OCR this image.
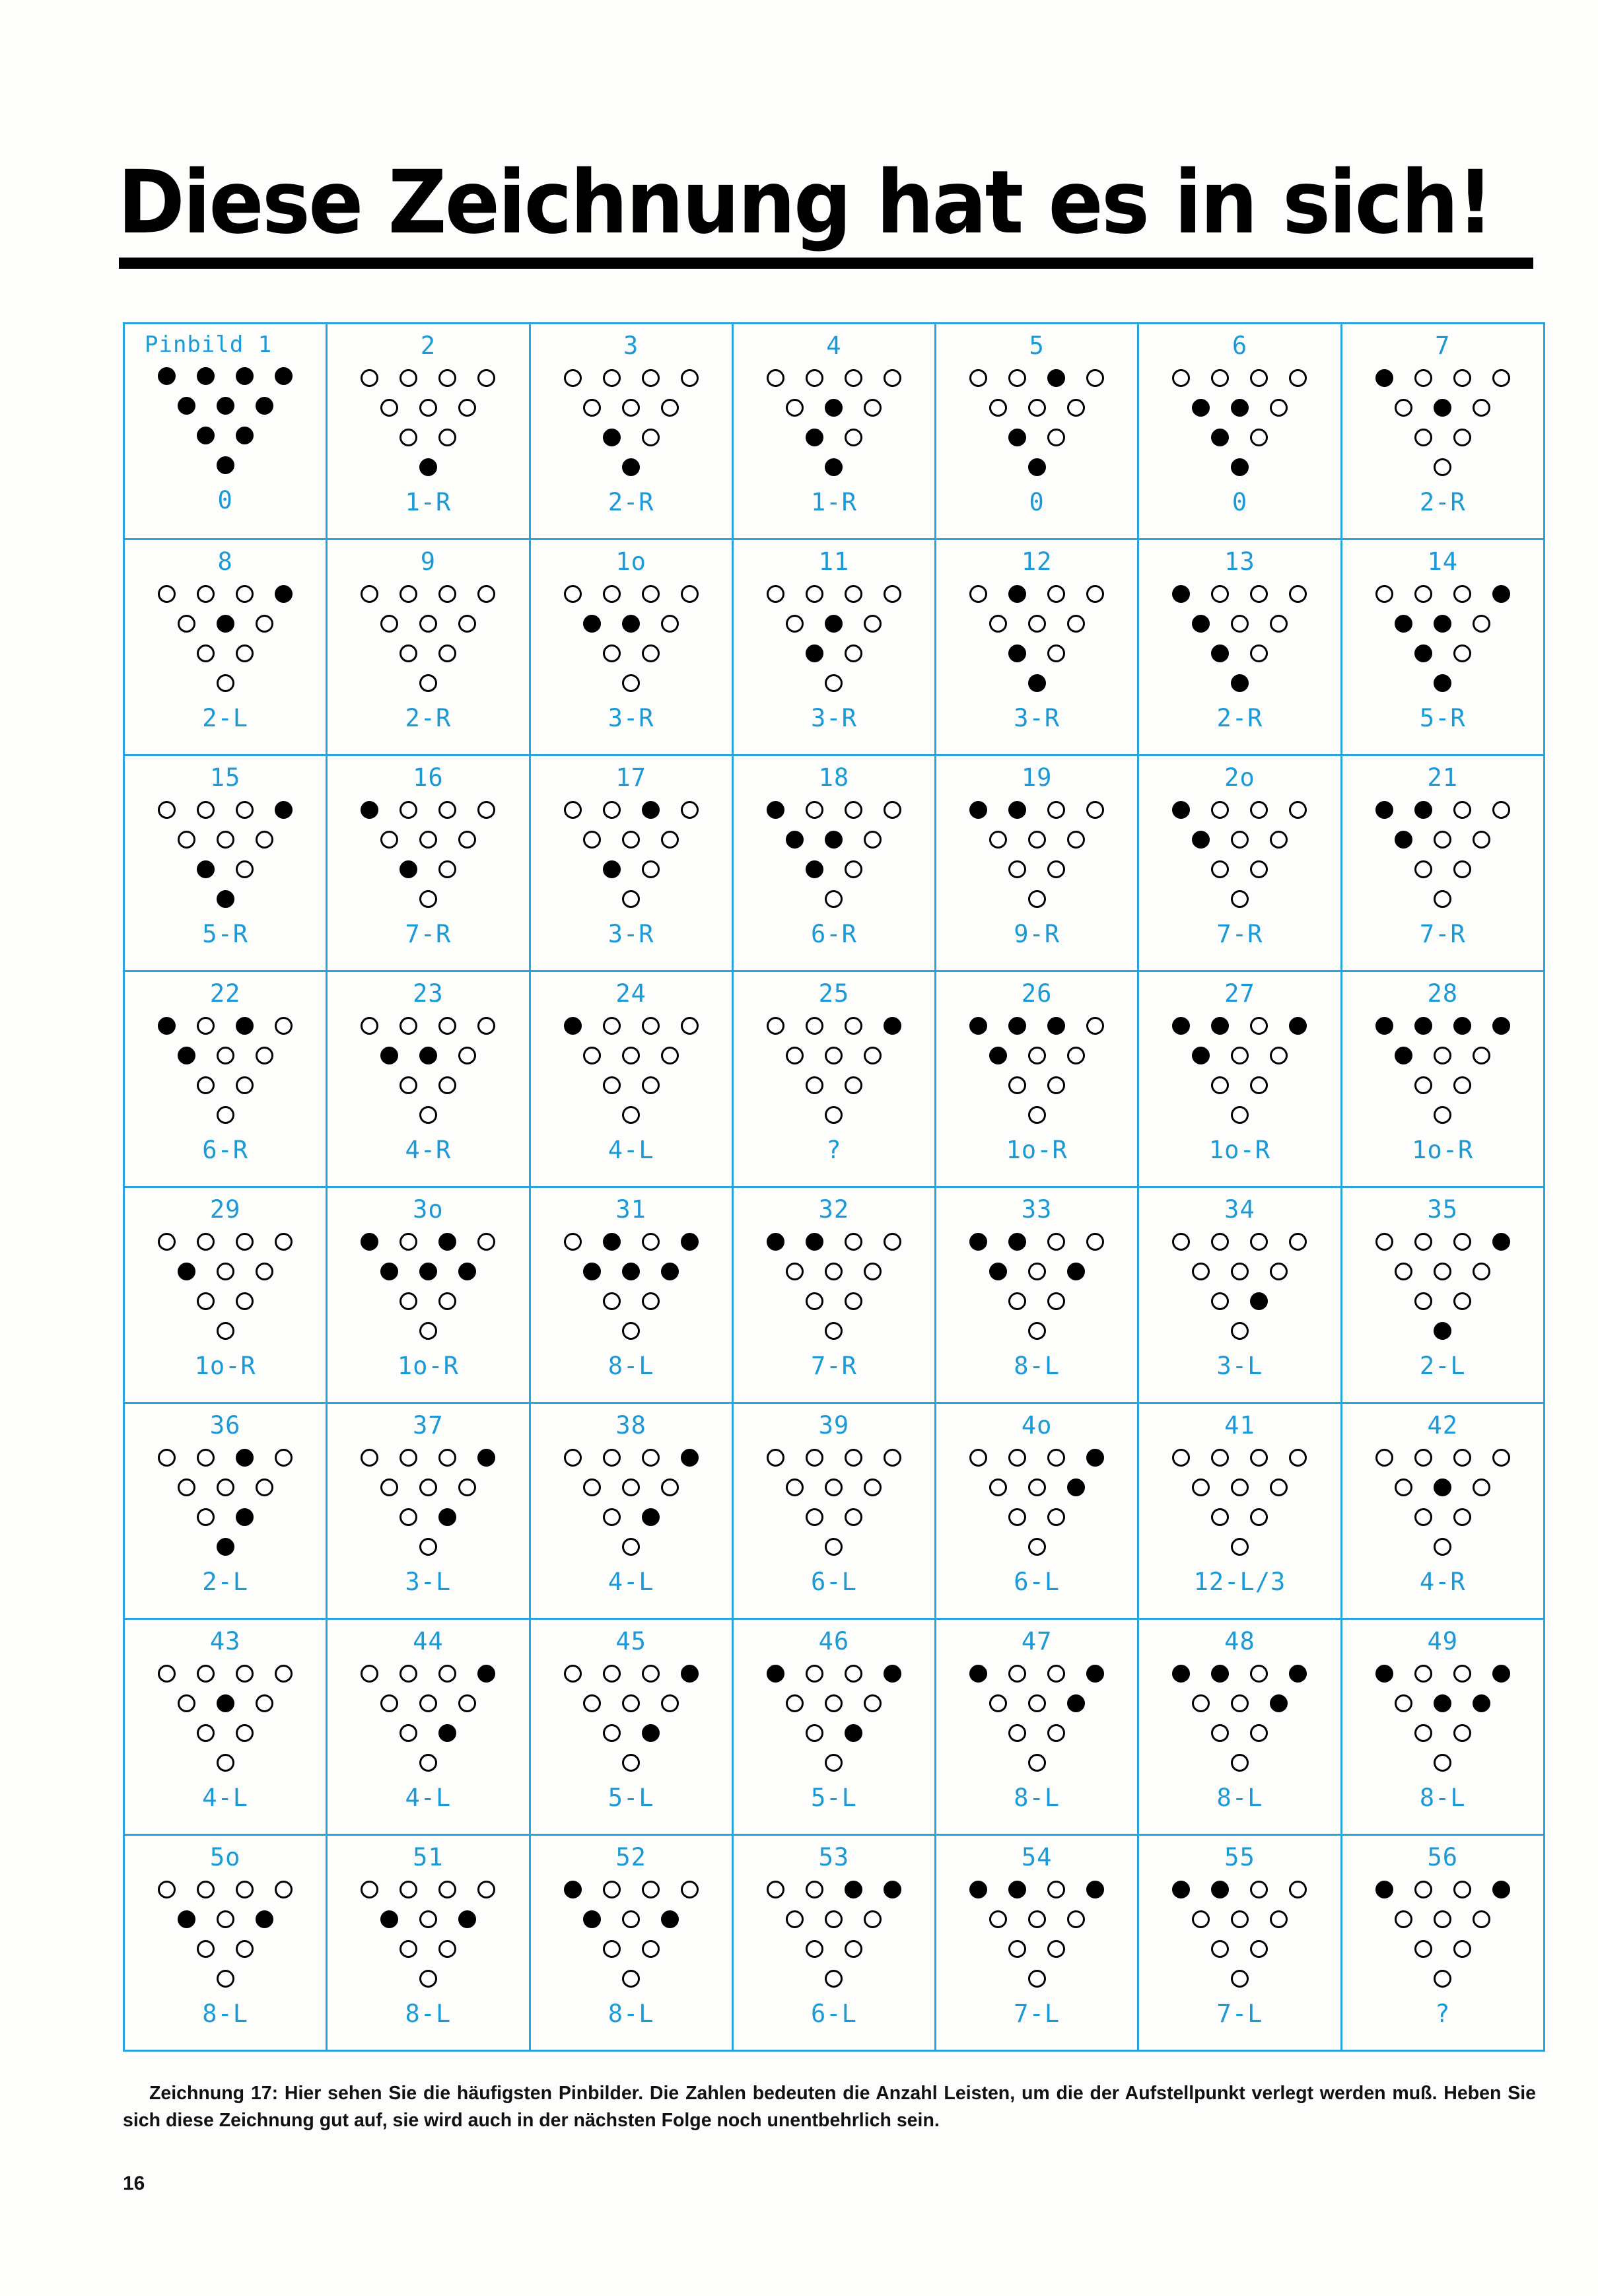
Diese Zeichnung hat es in sich!
Pinbild 1
0

2
1-R

3
2-R

4
1-R

5
0

6
0

7
2-R

8
2-L

9
2-R

1o
3-R

11
3-R

12
3-R

13
2-R

14
5-R

15
5-R

16
7-R

17
3-R

18
6-R

19
9-R

2o
7-R

21
7-R

22
6-R

23
4-R

24
4-L

25
?

26
1o-R

27
1o-R

28
1o-R

29
1o-R

3o
1o-R

31
8-L

32
7-R

33
8-L

34
3-L

35
2-L

36
2-L

37
3-L

38
4-L

39
6-L

4o
6-L

41
12-L/3

42
4-R

43
4-L

44
4-L

45
5-L

46
5-L

47
8-L

48
8-L

49
8-L

5o
8-L

51
8-L

52
8-L

53
6-L

54
7-L

55
7-L

56
?
Zeichnung 17: Hier sehen Sie die häufigsten Pinbilder. Die Zahlen bedeuten die Anzahl Leisten, um die der Aufstellpunkt verlegt werden muß. Heben Sie sich diese Zeichnung gut auf, sie wird auch in der nächsten Folge noch unentbehrlich sein.
16
